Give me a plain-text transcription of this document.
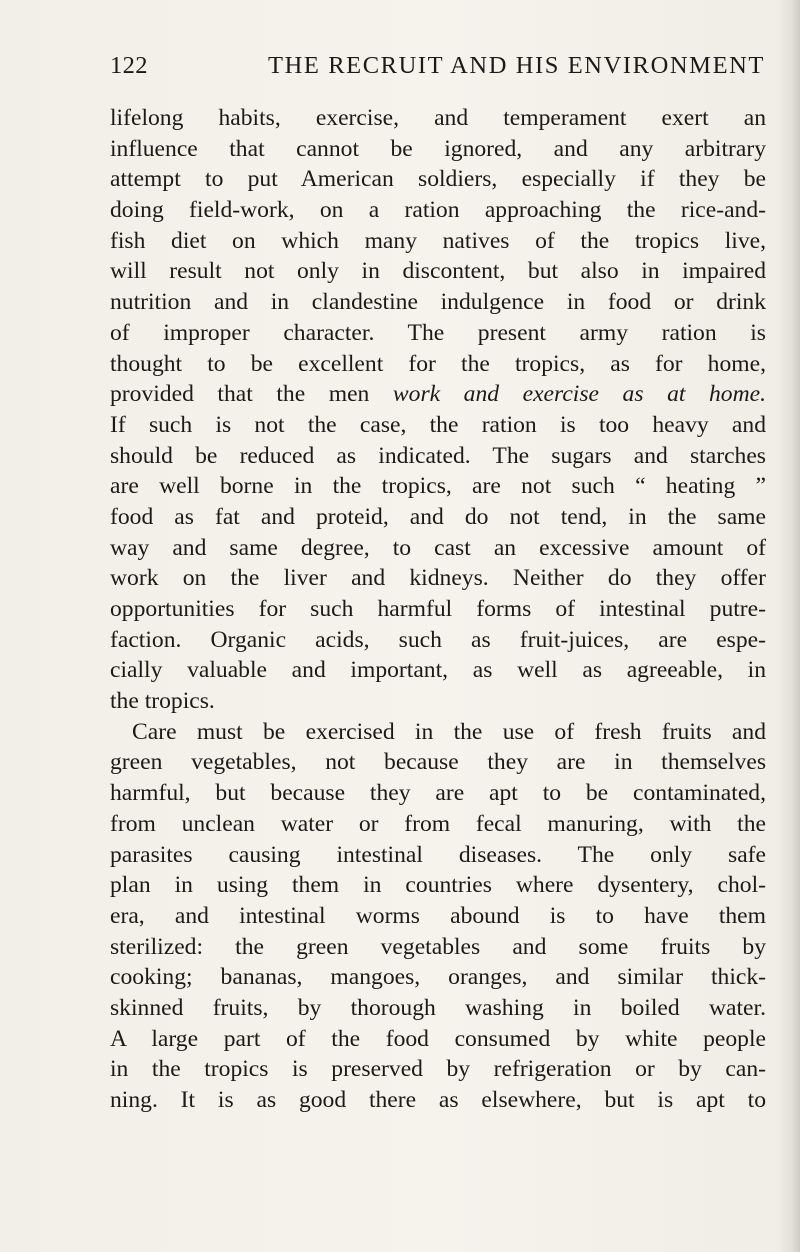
122	THE RECRUIT AND HIS ENVIRONMENT
lifelong habits, exercise, and temperament exert an
influence that cannot be ignored, and any arbitrary
attempt to put American soldiers, especially if they be
doing field-work, on a ration approaching the rice-and-
fish diet on which many natives of the tropics live,
will result not only in discontent, but also in impaired
nutrition and in clandestine indulgence in food or drink
of improper character. The present army ration is
thought to be excellent for the tropics, as for home,
provided that the men work and exercise as at home.
If such is not the case, the ration is too heavy and
should be reduced as indicated. The sugars and starches
are well borne in the tropics, are not such “ heating ”
food as fat and proteid, and do not tend, in the same
way and same degree, to cast an excessive amount of
work on the liver and kidneys. Neither do they offer
opportunities for such harmful forms of intestinal putre-
faction. Organic acids, such as fruit-juices, are espe-
cially valuable and important, as well as agreeable, in
the tropics.
Care must be exercised in the use of fresh fruits and
green vegetables, not because they are in themselves
harmful, but because they are apt to be contaminated,
from unclean water or from fecal manuring, with the
parasites causing intestinal diseases. The only safe
plan in using them in countries where dysentery, chol-
era, and intestinal worms abound is to have them
sterilized: the green vegetables and some fruits by
cooking; bananas, mangoes, oranges, and similar thick-
skinned fruits, by thorough washing in boiled water.
A large part of the food consumed by white people
in the tropics is preserved by refrigeration or by can-
ning. It is as good there as elsewhere, but is apt to
